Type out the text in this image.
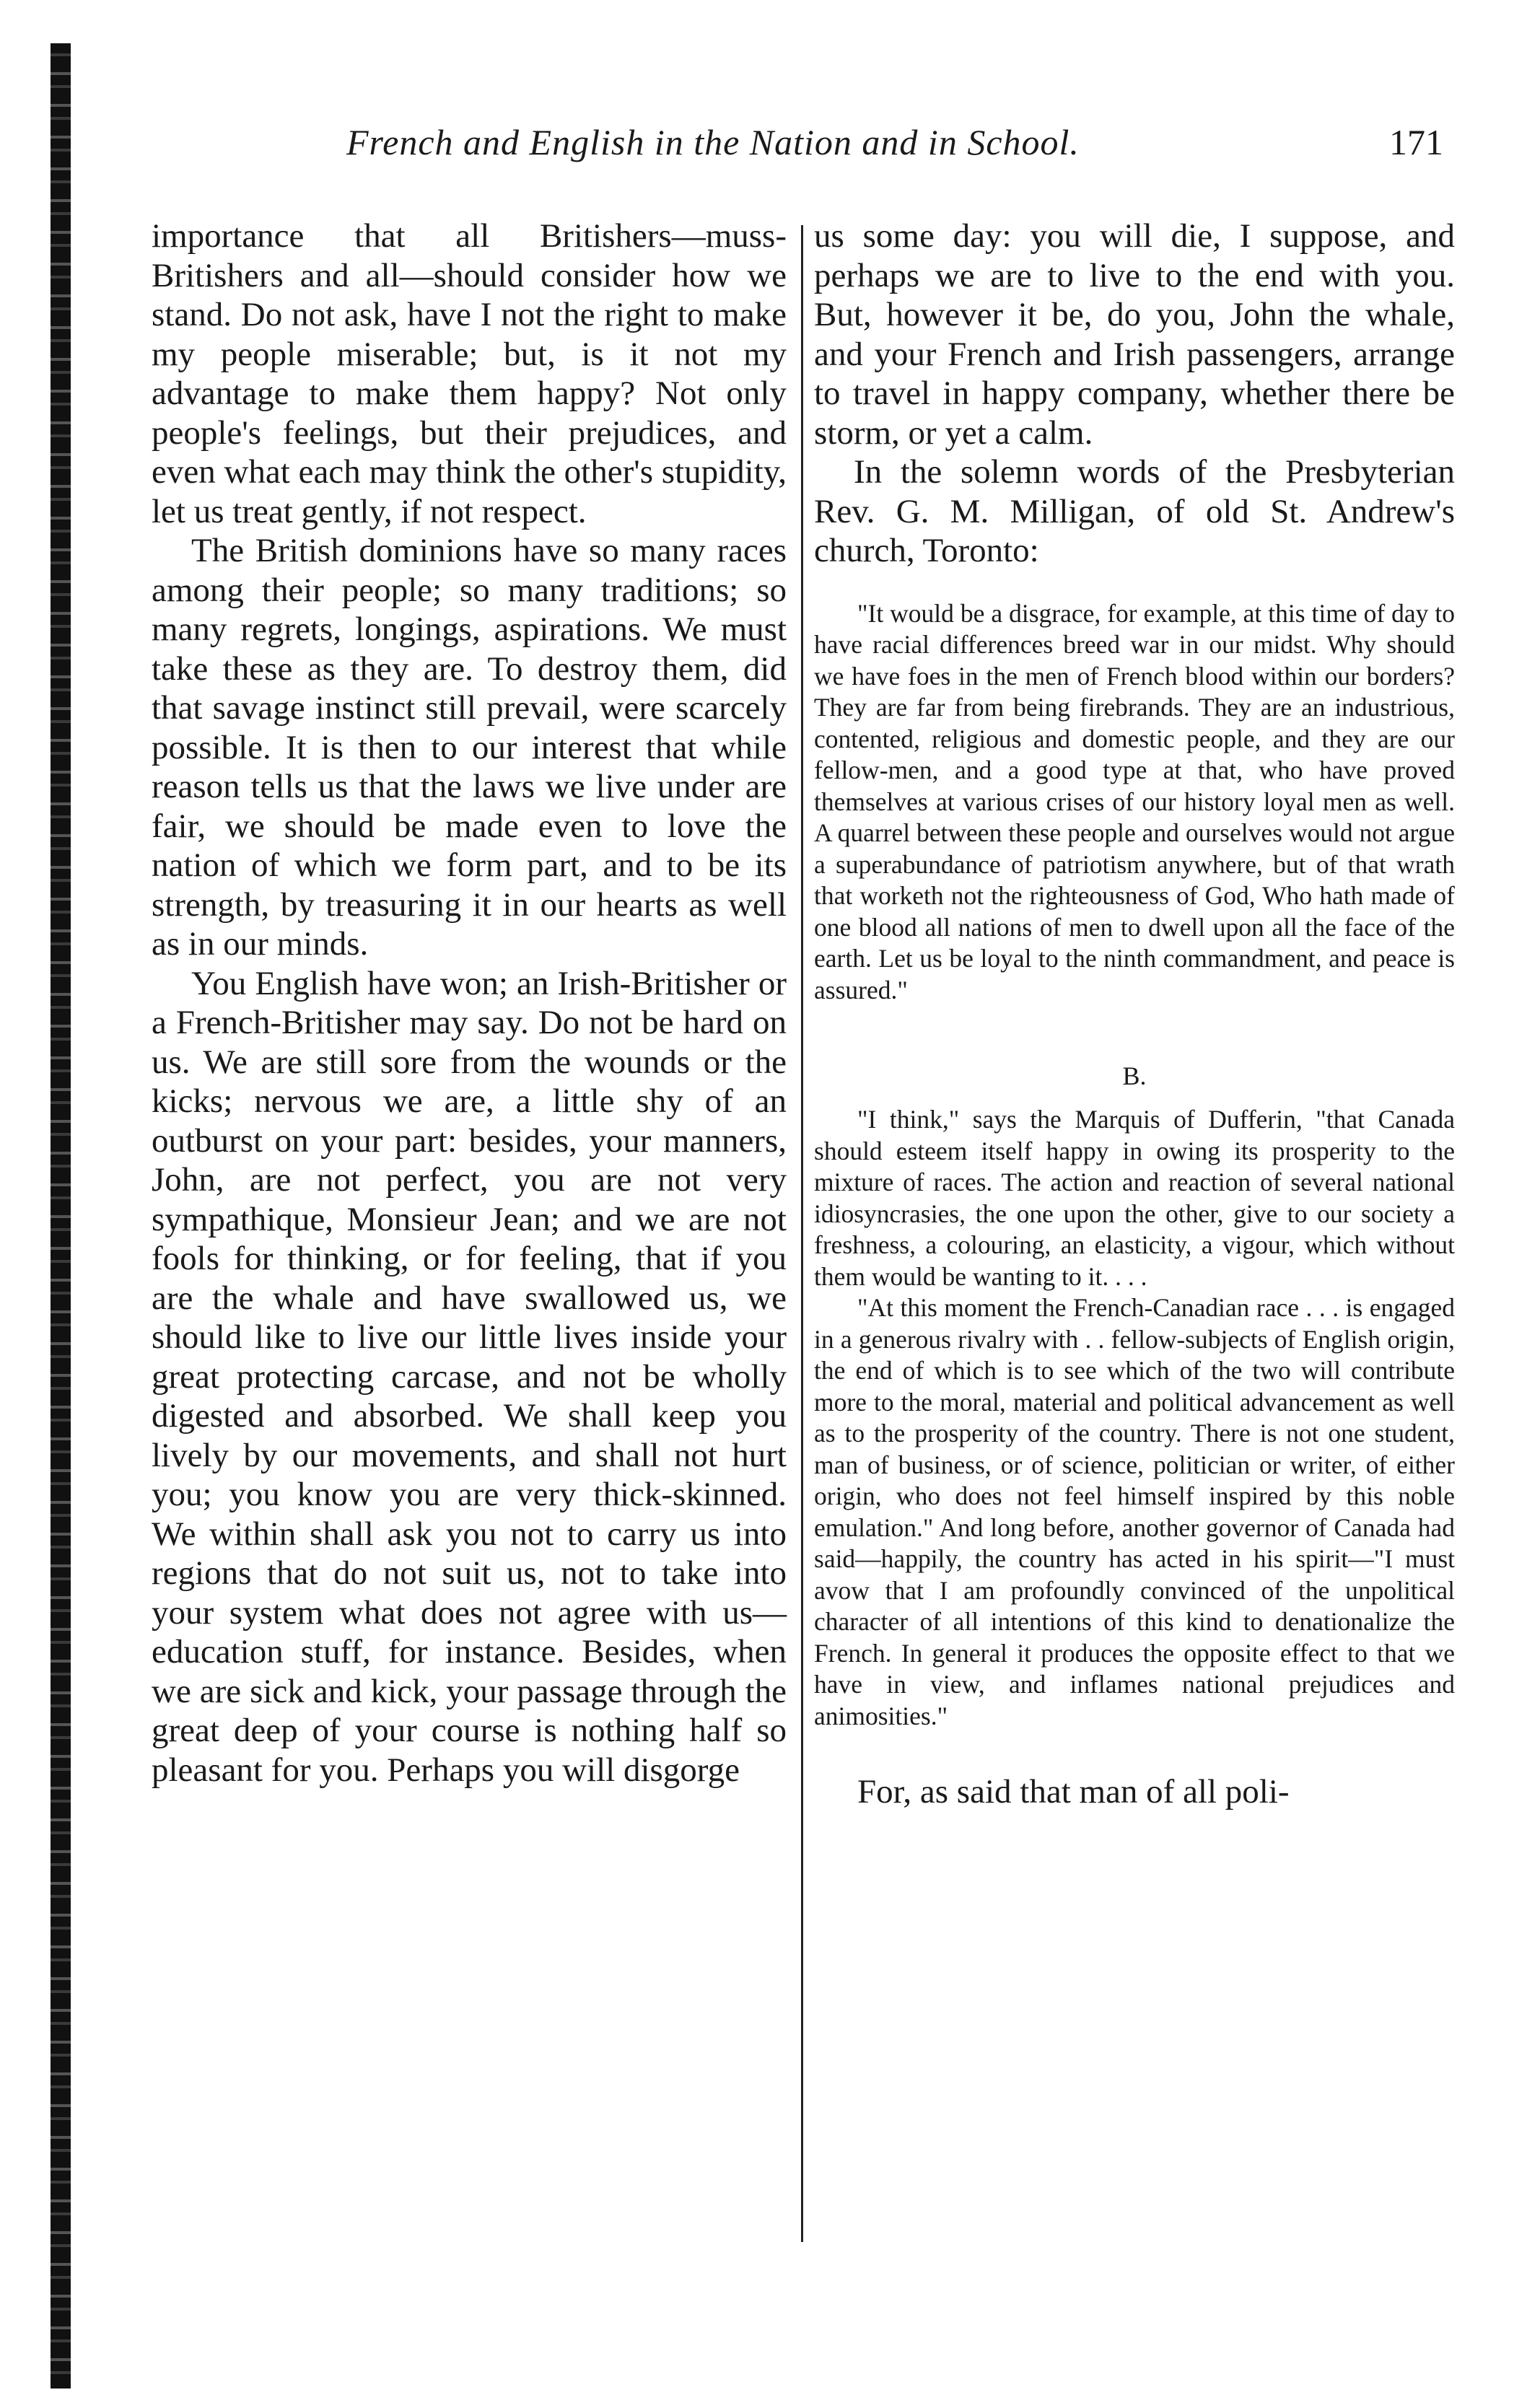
French and English in the Nation and in School.	171

importance that all Britishers—muss-Britishers and all—should consider how we stand. Do not ask, have I not the right to make my people miserable; but, is it not my advantage to make them happy? Not only people's feelings, but their prejudices, and even what each may think the other's stupidity, let us treat gently, if not respect.

The British dominions have so many races among their people; so many traditions; so many regrets, longings, aspirations. We must take these as they are. To destroy them, did that savage instinct still prevail, were scarcely possible. It is then to our interest that while reason tells us that the laws we live under are fair, we should be made even to love the nation of which we form part, and to be its strength, by treasuring it in our hearts as well as in our minds.

You English have won; an Irish-Britisher or a French-Britisher may say. Do not be hard on us. We are still sore from the wounds or the kicks; nervous we are, a little shy of an outburst on your part: besides, your manners, John, are not perfect, you are not very sympathique, Monsieur Jean; and we are not fools for thinking, or for feeling, that if you are the whale and have swallowed us, we should like to live our little lives inside your great protecting carcase, and not be wholly digested and absorbed. We shall keep you lively by our movements, and shall not hurt you; you know you are very thick-skinned. We within shall ask you not to carry us into regions that do not suit us, not to take into your system what does not agree with us—education stuff, for instance. Besides, when we are sick and kick, your passage through the great deep of your course is nothing half so pleasant for you. Perhaps you will disgorge

us some day: you will die, I suppose, and perhaps we are to live to the end with you. But, however it be, do you, John the whale, and your French and Irish passengers, arrange to travel in happy company, whether there be storm, or yet a calm.

In the solemn words of the Presbyterian Rev. G. M. Milligan, of old St. Andrew's church, Toronto:

"It would be a disgrace, for example, at this time of day to have racial differences breed war in our midst. Why should we have foes in the men of French blood within our borders? They are far from being firebrands. They are an industrious, contented, religious and domestic people, and they are our fellow-men, and a good type at that, who have proved themselves at various crises of our history loyal men as well. A quarrel between these people and ourselves would not argue a superabundance of patriotism anywhere, but of that wrath that worketh not the righteousness of God, Who hath made of one blood all nations of men to dwell upon all the face of the earth. Let us be loyal to the ninth commandment, and peace is assured."

B.

"I think," says the Marquis of Dufferin, "that Canada should esteem itself happy in owing its prosperity to the mixture of races. The action and reaction of several national idiosyncrasies, the one upon the other, give to our society a freshness, a colouring, an elasticity, a vigour, which without them would be wanting to it. . . .

"At this moment the French-Canadian race . . . is engaged in a generous rivalry with . . fellow-subjects of English origin, the end of which is to see which of the two will contribute more to the moral, material and political advancement as well as to the prosperity of the country. There is not one student, man of business, or of science, politician or writer, of either origin, who does not feel himself inspired by this noble emulation." And long before, another governor of Canada had said—happily, the country has acted in his spirit—"I must avow that I am profoundly convinced of the unpolitical character of all intentions of this kind to denationalize the French. In general it produces the opposite effect to that we have in view, and inflames national prejudices and animosities."

For, as said that man of all poli-
